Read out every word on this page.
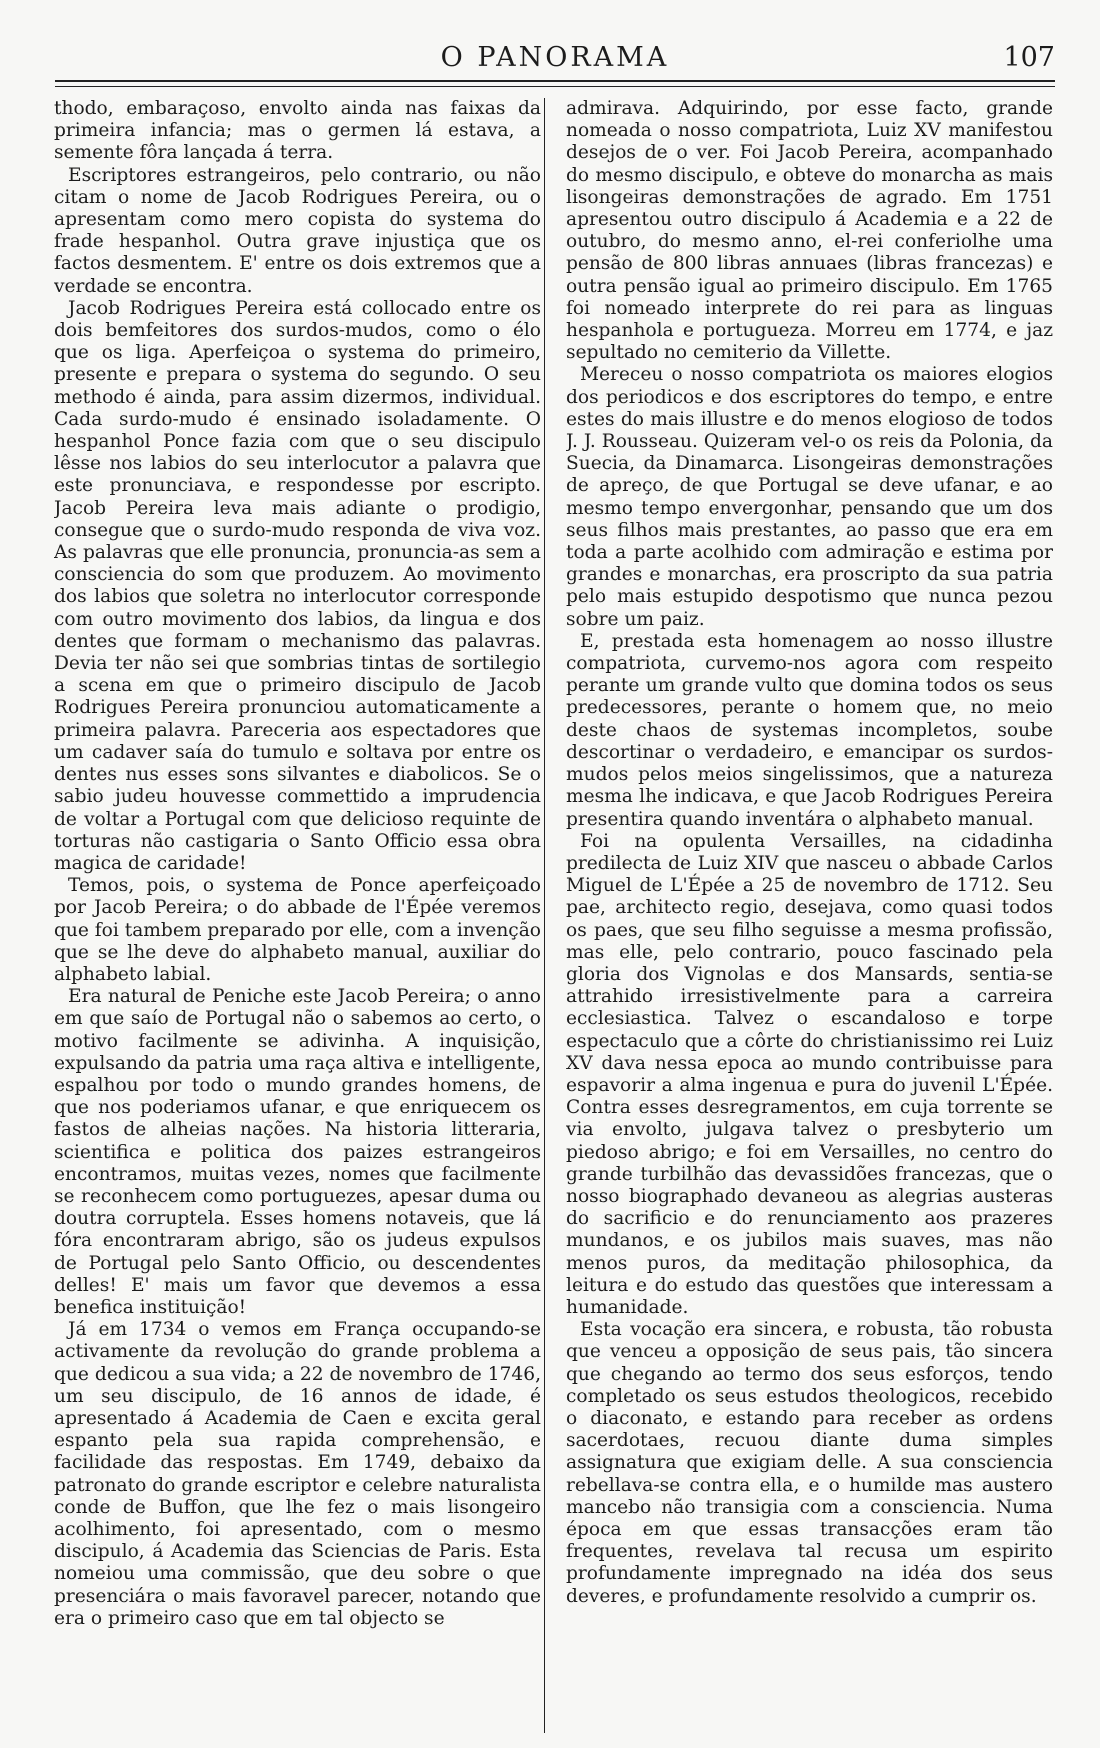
O PANORAMA	107

thodo, embaraçoso, envolto ainda nas faixas da primeira infancia; mas o germen lá estava, a semente fôra lançada á terra.

Escriptores estrangeiros, pelo contrario, ou não citam o nome de Jacob Rodrigues Pereira, ou o apresentam como mero copista do systema do frade hespanhol. Outra grave injustiça que os factos desmentem. E' entre os dois extremos que a verdade se encontra.

Jacob Rodrigues Pereira está collocado entre os dois bemfeitores dos surdos-mudos, como o élo que os liga. Aperfeiçoa o systema do primeiro, presente e prepara o systema do segundo. O seu methodo é ainda, para assim dizermos, individual. Cada surdo-mudo é ensinado isoladamente. O hespanhol Ponce fazia com que o seu discipulo lêsse nos labios do seu interlocutor a palavra que este pronunciava, e respondesse por escripto. Jacob Pereira leva mais adiante o prodigio, consegue que o surdo-mudo responda de viva voz. As palavras que elle pronuncia, pronuncia-as sem a consciencia do som que produzem. Ao movimento dos labios que soletra no interlocutor corresponde com outro movimento dos labios, da lingua e dos dentes que formam o mechanismo das palavras. Devia ter não sei que sombrias tintas de sortilegio a scena em que o primeiro discipulo de Jacob Rodrigues Pereira pronunciou automaticamente a primeira palavra. Pareceria aos espectadores que um cadaver saía do tumulo e soltava por entre os dentes nus esses sons silvantes e diabolicos. Se o sabio judeu houvesse commettido a imprudencia de voltar a Portugal com que delicioso requinte de torturas não castigaria o Santo Officio essa obra magica de caridade!

Temos, pois, o systema de Ponce aperfeiçoado por Jacob Pereira; o do abbade de l'Épée veremos que foi tambem preparado por elle, com a invenção que se lhe deve do alphabeto manual, auxiliar do alphabeto labial.

Era natural de Peniche este Jacob Pereira; o anno em que saío de Portugal não o sabemos ao certo, o motivo facilmente se adivinha. A inquisição, expulsando da patria uma raça altiva e intelligente, espalhou por todo o mundo grandes homens, de que nos poderiamos ufanar, e que enriquecem os fastos de alheias nações. Na historia litteraria, scientifica e politica dos paizes estrangeiros encontramos, muitas vezes, nomes que facilmente se reconhecem como portuguezes, apesar duma ou doutra corruptela. Esses homens notaveis, que lá fóra encontraram abrigo, são os judeus expulsos de Portugal pelo Santo Officio, ou descendentes delles! E' mais um favor que devemos a essa benefica instituição!

Já em 1734 o vemos em França occupando-se activamente da revolução do grande problema a que dedicou a sua vida; a 22 de novembro de 1746, um seu discipulo, de 16 annos de idade, é apresentado á Academia de Caen e excita geral espanto pela sua rapida comprehensão, e facilidade das respostas. Em 1749, debaixo da patronato do grande escriptor e celebre naturalista conde de Buffon, que lhe fez o mais lisongeiro acolhimento, foi apresentado, com o mesmo discipulo, á Academia das Sciencias de Paris. Esta nomeiou uma commissão, que deu sobre o que presenciára o mais favoravel parecer, notando que era o primeiro caso que em tal objecto se

admirava. Adquirindo, por esse facto, grande nomeada o nosso compatriota, Luiz XV manifestou desejos de o ver. Foi Jacob Pereira, acompanhado do mesmo discipulo, e obteve do monarcha as mais lisongeiras demonstrações de agrado. Em 1751 apresentou outro discipulo á Academia e a 22 de outubro, do mesmo anno, el-rei conferiolhe uma pensão de 800 libras annuaes (libras francezas) e outra pensão igual ao primeiro discipulo. Em 1765 foi nomeado interprete do rei para as linguas hespanhola e portugueza. Morreu em 1774, e jaz sepultado no cemiterio da Villette.

Mereceu o nosso compatriota os maiores elogios dos periodicos e dos escriptores do tempo, e entre estes do mais illustre e do menos elogioso de todos J. J. Rousseau. Quizeram vel-o os reis da Polonia, da Suecia, da Dinamarca. Lisongeiras demonstrações de apreço, de que Portugal se deve ufanar, e ao mesmo tempo envergonhar, pensando que um dos seus filhos mais prestantes, ao passo que era em toda a parte acolhido com admiração e estima por grandes e monarchas, era proscripto da sua patria pelo mais estupido despotismo que nunca pezou sobre um paiz.

E, prestada esta homenagem ao nosso illustre compatriota, curvemo-nos agora com respeito perante um grande vulto que domina todos os seus predecessores, perante o homem que, no meio deste chaos de systemas incompletos, soube descortinar o verdadeiro, e emancipar os surdos-mudos pelos meios singelissimos, que a natureza mesma lhe indicava, e que Jacob Rodrigues Pereira presentira quando inventára o alphabeto manual.

Foi na opulenta Versailles, na cidadinha predilecta de Luiz XIV que nasceu o abbade Carlos Miguel de L'Épée a 25 de novembro de 1712. Seu pae, architecto regio, desejava, como quasi todos os paes, que seu filho seguisse a mesma profissão, mas elle, pelo contrario, pouco fascinado pela gloria dos Vignolas e dos Mansards, sentia-se attrahido irresistivelmente para a carreira ecclesiastica. Talvez o escandaloso e torpe espectaculo que a côrte do christianissimo rei Luiz XV dava nessa epoca ao mundo contribuisse para espavorir a alma ingenua e pura do juvenil L'Épée. Contra esses desregramentos, em cuja torrente se via envolto, julgava talvez o presbyterio um piedoso abrigo; e foi em Versailles, no centro do grande turbilhão das devassidões francezas, que o nosso biographado devaneou as alegrias austeras do sacrificio e do renunciamento aos prazeres mundanos, e os jubilos mais suaves, mas não menos puros, da meditação philosophica, da leitura e do estudo das questões que interessam a humanidade.

Esta vocação era sincera, e robusta, tão robusta que venceu a opposição de seus pais, tão sincera que chegando ao termo dos seus esforços, tendo completado os seus estudos theologicos, recebido o diaconato, e estando para receber as ordens sacerdotaes, recuou diante duma simples assignatura que exigiam delle. A sua consciencia rebellava-se contra ella, e o humilde mas austero mancebo não transigia com a consciencia. Numa época em que essas transacções eram tão frequentes, revelava tal recusa um espirito profundamente impregnado na idéa dos seus deveres, e profundamente resolvido a cumprir os.
